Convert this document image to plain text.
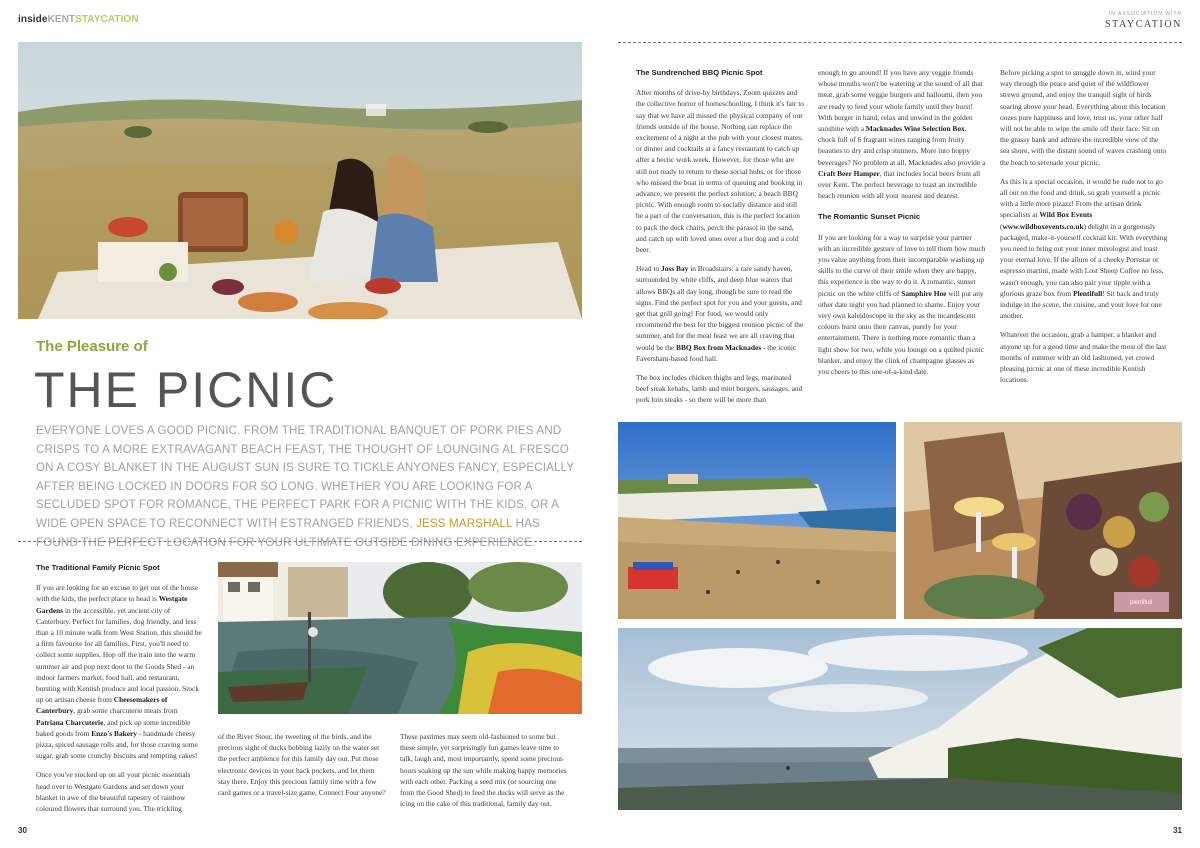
insideKENTSTAYCATION	IN ASSOCIATION WITH
STAYCATION
The Pleasure of
THE PICNIC
EVERYONE LOVES A GOOD PICNIC. FROM THE TRADITIONAL BANQUET OF PORK PIES AND CRISPS TO A MORE EXTRAVAGANT BEACH FEAST, THE THOUGHT OF LOUNGING AL FRESCO ON A COSY BLANKET IN THE AUGUST SUN IS SURE TO TICKLE ANYONES FANCY, ESPECIALLY AFTER BEING LOCKED IN DOORS FOR SO LONG. WHETHER YOU ARE LOOKING FOR A SECLUDED SPOT FOR ROMANCE, THE PERFECT PARK FOR A PICNIC WITH THE KIDS, OR A WIDE OPEN SPACE TO RECONNECT WITH ESTRANGED FRIENDS, JESS MARSHALL HAS FOUND THE PERFECT LOCATION FOR YOUR ULTIMATE OUTSIDE DINING EXPERIENCE.
The Traditional Family Picnic Spot

If you are looking for an excuse to get out of the house with the kids, the perfect place to head is Westgate Gardens in the accessible, yet ancient city of Canterbury. Perfect for families, dog friendly, and less than a 10 minute walk from West Station, this should be a firm favourite for all families. First, you'll need to collect some supplies. Hop off the train into the warm summer air and pop next door to the Goods Shed - an indoor farmers market, food hall, and restaurant, bursting with Kentish produce and local passion. Stock up on artisan cheese from Cheesemakers of Canterbury, grab some charcuterie meats from Patriana Charcuterie, and pick up some incredible baked goods from Enzo's Bakery - handmade cheesy pizza, spiced sausage rolls and, for those craving some sugar, grab some crunchy biscuits and tempting cakes!

Once you've stocked up on all your picnic essentials head over to Westgate Gardens and set down your blanket in awe of the beautiful tapestry of rainbow coloured flowers that surround you. The trickling

of the River Stour, the tweeting of the birds, and the precious sight of ducks bobbing lazily on the water set the perfect ambience for this family day out. Put those electronic devices in your back pockets, and let them stay there. Enjoy this precious family time with a few card games or a travel-size game, Connect Four anyone?

These pastimes may seem old-fashioned to some but these simple, yet surprisingly fun games leave time to talk, laugh and, most importantly, spend some precious hours soaking up the sun while making happy memories with each other. Packing a seed mix (or sourcing one from the Good Shed) to feed the ducks will serve as the icing on the cake of this traditional, family day out.

The Sundrenched BBQ Picnic Spot

After months of drive-by birthdays, Zoom quizzes and the collective horror of homeschooling, I think it's fair to say that we have all missed the physical company of our friends outside of the house. Nothing can replace the excitement of a night at the pub with your closest mates, or dinner and cocktails at a fancy restaurant to catch up after a hectic work week. However, for those who are still not ready to return to these social hubs, or for those who missed the boat in terms of queuing and booking in advance, we present the perfect solution; a beach BBQ picnic. With enough room to socially distance and still be a part of the conversation, this is the perfect location to pack the deck chairs, perch the parasol in the sand, and catch up with loved ones over a hot dog and a cold beer.

Head to Joss Bay in Broadstairs: a rare sandy haven, surrounded by white cliffs, and deep blue waters that allows BBQs all day long, though be sure to read the signs. Find the perfect spot for you and your guests, and get that grill going! For food, we would only recommend the best for the biggest reunion picnic of the summer, and for the meat feast we are all craving that would be the BBQ Box from Macknades - the iconic Faversham-based food hall.

The box includes chicken thighs and legs, marinated beef steak kebabs, lamb and mint burgers, sausages, and pork loin steaks - so there will be more than

enough to go around! If you have any veggie friends whose mouths won't be watering at the sound of all that meat, grab some veggie burgers and halloumi, then you are ready to feed your whole family until they burst! With burger in hand, relax and unwind in the golden sunshine with a Macknades Wine Selection Box, chock full of 6 fragrant wines ranging from fruity beauties to dry and crisp stunners. More into hoppy beverages? No problem at all, Macknades also provide a Craft Beer Hamper, that includes local beers from all over Kent. The perfect beverage to toast an incredible beach reunion with all your nearest and dearest.

The Romantic Sunset Picnic

If you are looking for a way to surprise your partner with an incredible gesture of love to tell them how much you value anything from their incomparable washing up skills to the curve of their smile when they are happy, this experience is the way to do it. A romantic, sunset picnic on the white cliffs of Samphire Hoe will put any other date night you had planned to shame. Enjoy your very own kaleidoscope in the sky as the incandescent colours burst onto their canvas, purely for your entertainment. There is nothing more romantic than a light show for two, while you lounge on a quilted picnic blanket, and enjoy the clink of champagne glasses as you cheers to this one-of-a-kind date.

Before picking a spot to snuggle down in, wind your way through the peace and quiet of the wildflower strewn ground, and enjoy the tranquil sight of birds soaring above your head. Everything about this location oozes pure happiness and love, trust us, your other half will not be able to wipe the smile off their face. Sit on the grassy bank and admire the incredible view of the sea shore, with the distant sound of waves crashing onto the beach to serenade your picnic.

As this is a special occasion, it would be rude not to go all out on the food and drink, so grab yourself a picnic with a little more pizazz! From the artisan drink specialists at Wild Box Events (www.wildboxevents.co.uk) delight in a gorgeously packaged, make-it-yourself cocktail kit. With everything you need to bring out your inner mixologist and toast your eternal love. If the allure of a cheeky Pornstar or espresso martini, made with Lost Sheep Coffee no less, wasn't enough, you can also pair your tipple with a glorious graze box from Plentifull! Sit back and truly indulge in the scene, the cuisine, and your love for one another.

Whatever the occasion, grab a hamper, a blanket and anyone up for a good time and make the most of the last months of summer with an old fashioned, yet crowd pleasing picnic at one of these incredible Kentish locations.

plentifull
30	31
